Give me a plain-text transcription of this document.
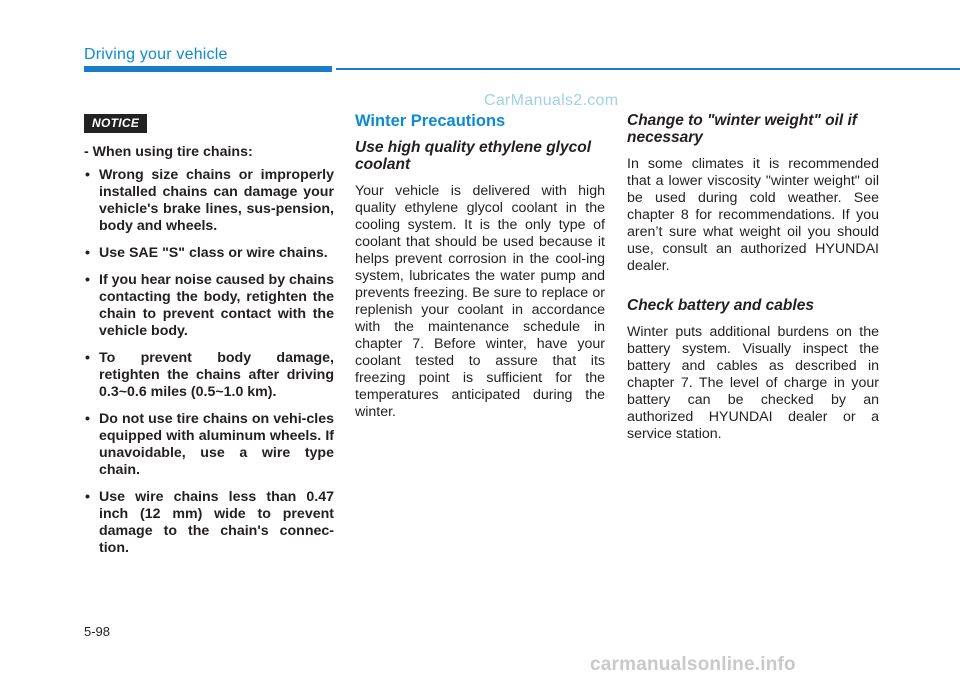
Driving your vehicle
CarManuals2.com
NOTICE

- When using tire chains:

• Wrong size chains or improperly installed chains can damage your vehicle's brake lines, sus-pension, body and wheels.
• Use SAE "S" class or wire chains.
• If you hear noise caused by chains contacting the body, retighten the chain to prevent contact with the vehicle body.
• To prevent body damage, retighten the chains after driving 0.3~0.6 miles (0.5~1.0 km).
• Do not use tire chains on vehi-cles equipped with aluminum wheels. If unavoidable, use a wire type chain.
• Use wire chains less than 0.47 inch (12 mm) wide to prevent damage to the chain's connec-tion.
Winter Precautions
Use high quality ethylene glycol coolant

Your vehicle is delivered with high quality ethylene glycol coolant in the cooling system. It is the only type of coolant that should be used because it helps prevent corrosion in the cool-ing system, lubricates the water pump and prevents freezing. Be sure to replace or replenish your coolant in accordance with the maintenance schedule in chapter 7. Before winter, have your coolant tested to assure that its freezing point is sufficient for the temperatures anticipated during the winter.

Change to "winter weight" oil if necessary

In some climates it is recommended that a lower viscosity "winter weight" oil be used during cold weather. See chapter 8 for recommendations. If you aren’t sure what weight oil you should use, consult an authorized HYUNDAI dealer.

Check battery and cables

Winter puts additional burdens on the battery system. Visually inspect the battery and cables as described in chapter 7. The level of charge in your battery can be checked by an authorized HYUNDAI dealer or a service station.

5-98
carmanualsonline.info
